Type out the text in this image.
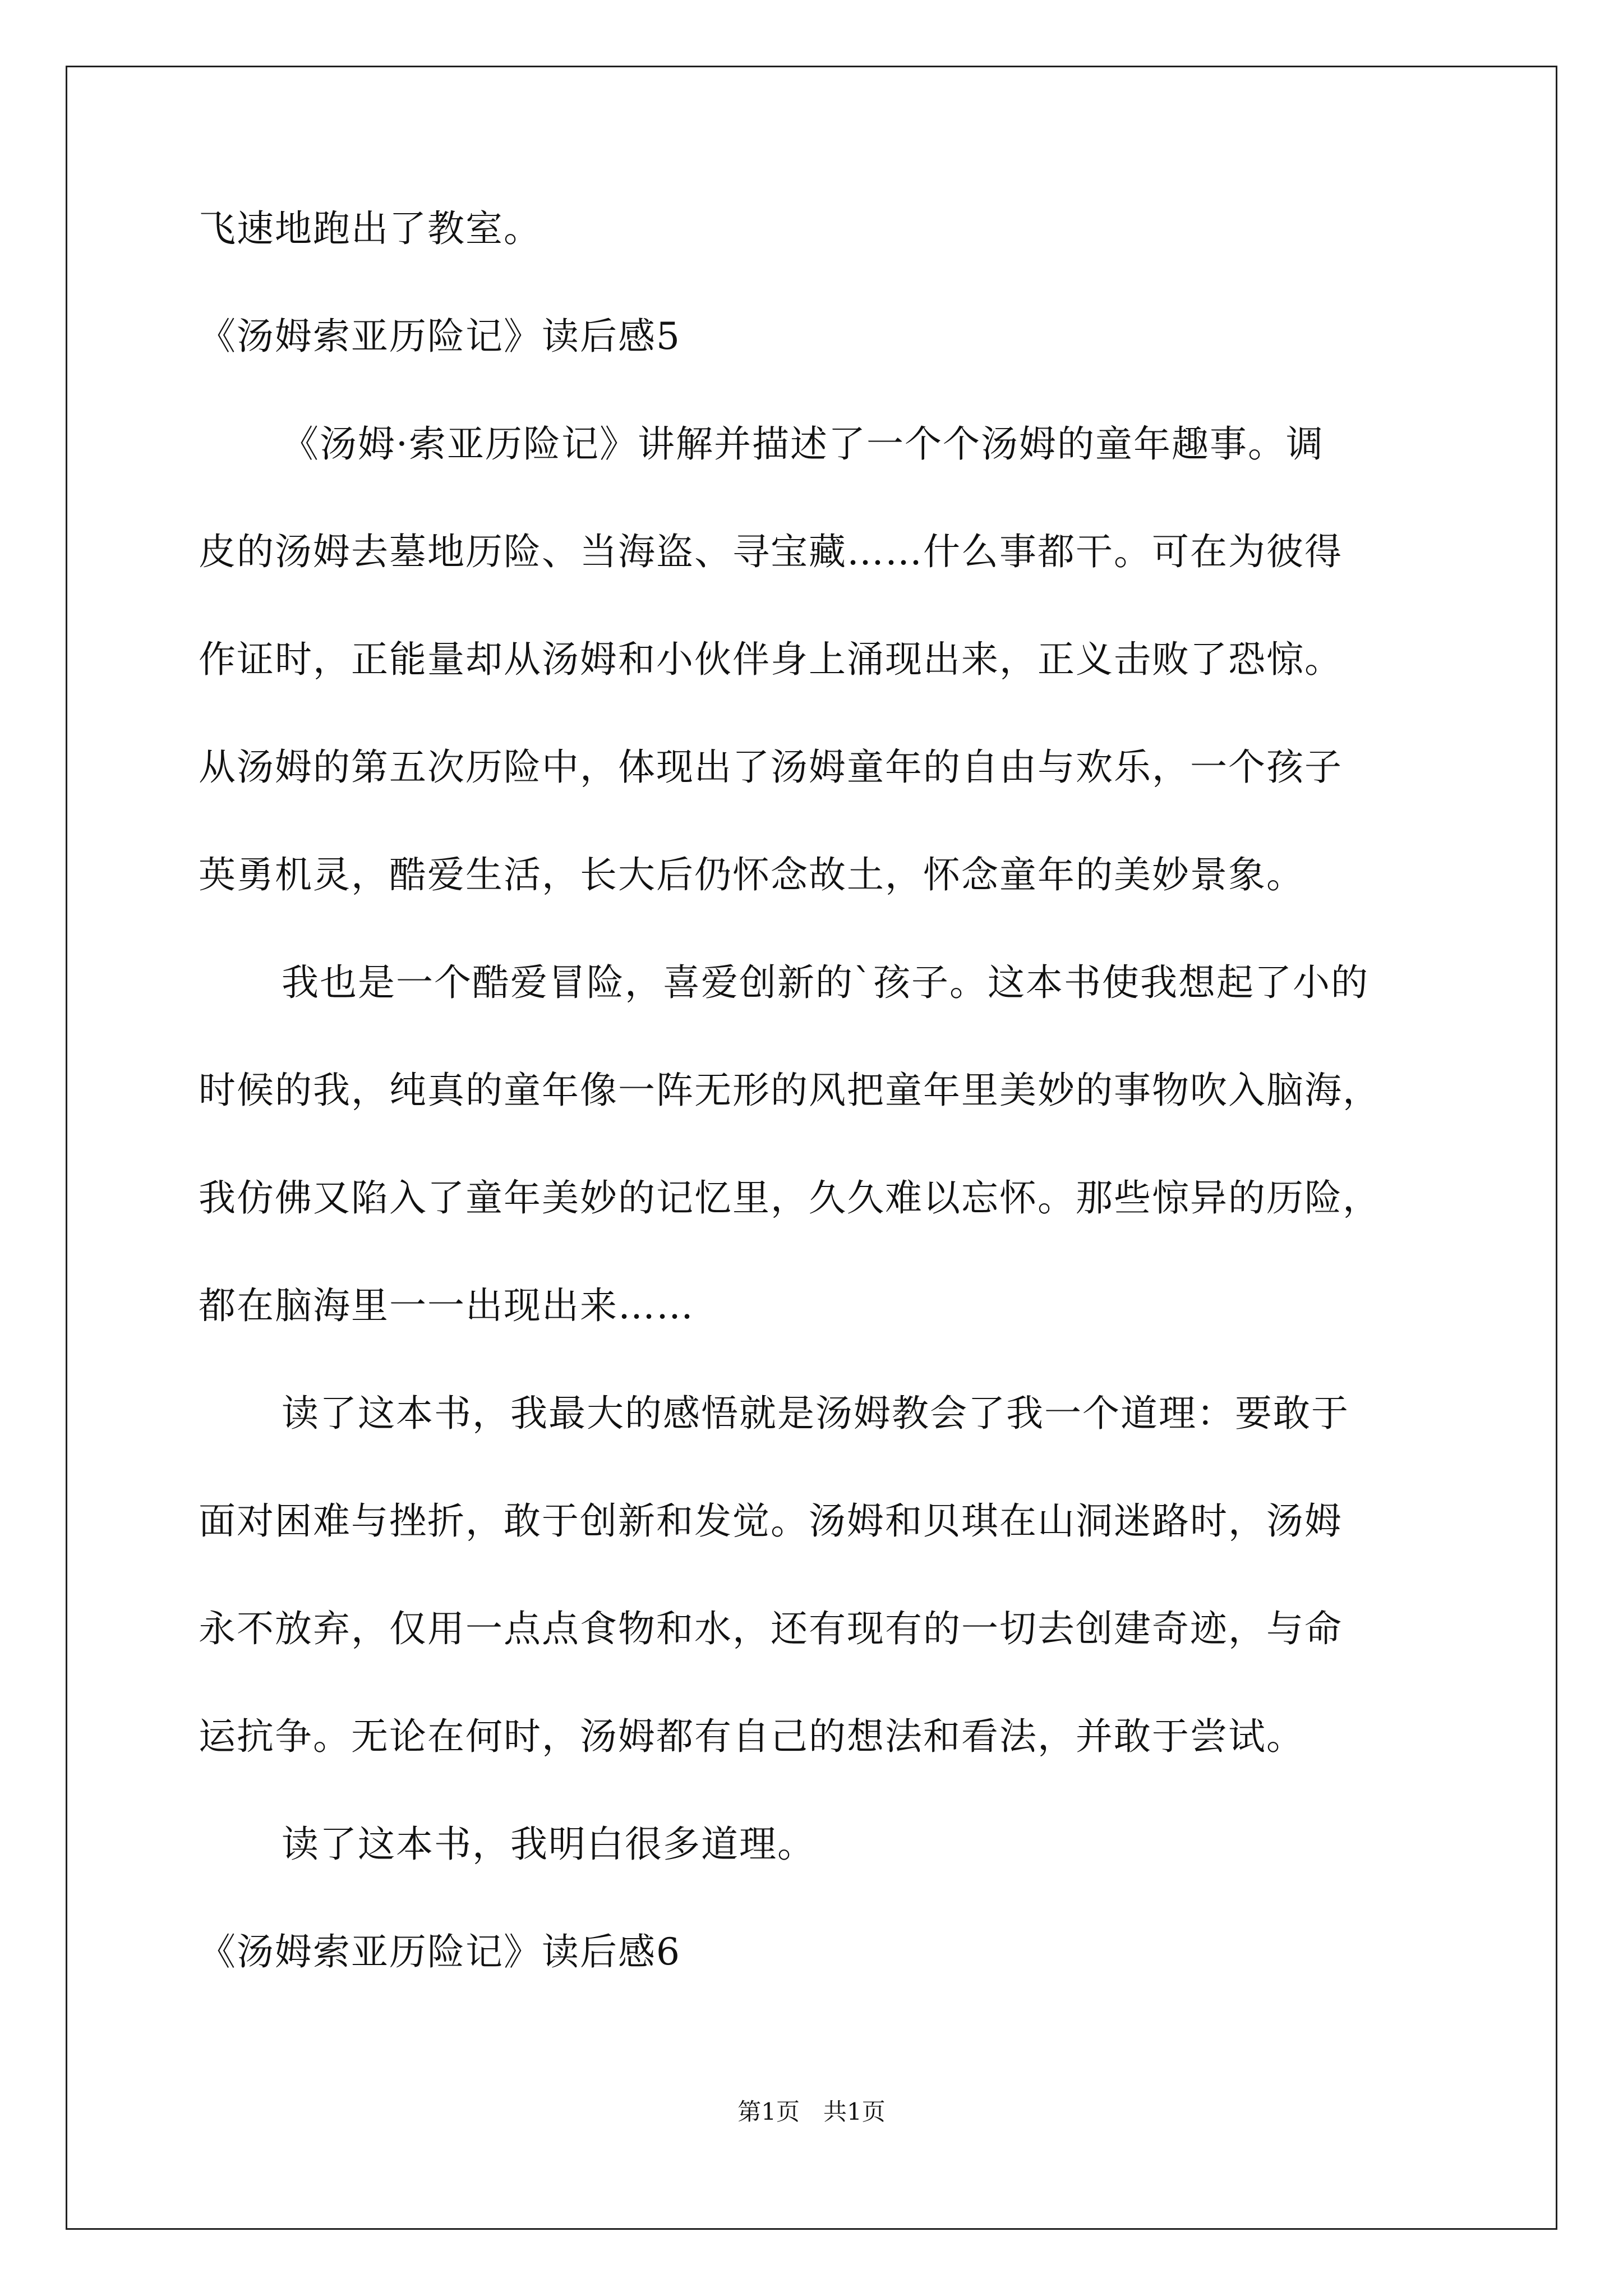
飞速地跑出了教室。
《汤姆索亚历险记》读后感5
《汤姆·索亚历险记》讲解并描述了一个个汤姆的童年趣事。调
皮的汤姆去墓地历险、当海盗、寻宝藏……什么事都干。可在为彼得
作证时，正能量却从汤姆和小伙伴身上涌现出来，正义击败了恐惊。
从汤姆的第五次历险中，体现出了汤姆童年的自由与欢乐，一个孩子
英勇机灵，酷爱生活，长大后仍怀念故土，怀念童年的美妙景象。
我也是一个酷爱冒险，喜爱创新的`孩子。这本书使我想起了小的
时候的我，纯真的童年像一阵无形的风把童年里美妙的事物吹入脑海，
我仿佛又陷入了童年美妙的记忆里，久久难以忘怀。那些惊异的历险，
都在脑海里一一出现出来……
读了这本书，我最大的感悟就是汤姆教会了我一个道理：要敢于
面对困难与挫折，敢于创新和发觉。汤姆和贝琪在山洞迷路时，汤姆
永不放弃，仅用一点点食物和水，还有现有的一切去创建奇迹，与命
运抗争。无论在何时，汤姆都有自己的想法和看法，并敢于尝试。
读了这本书，我明白很多道理。
《汤姆索亚历险记》读后感6
第1页　共1页
